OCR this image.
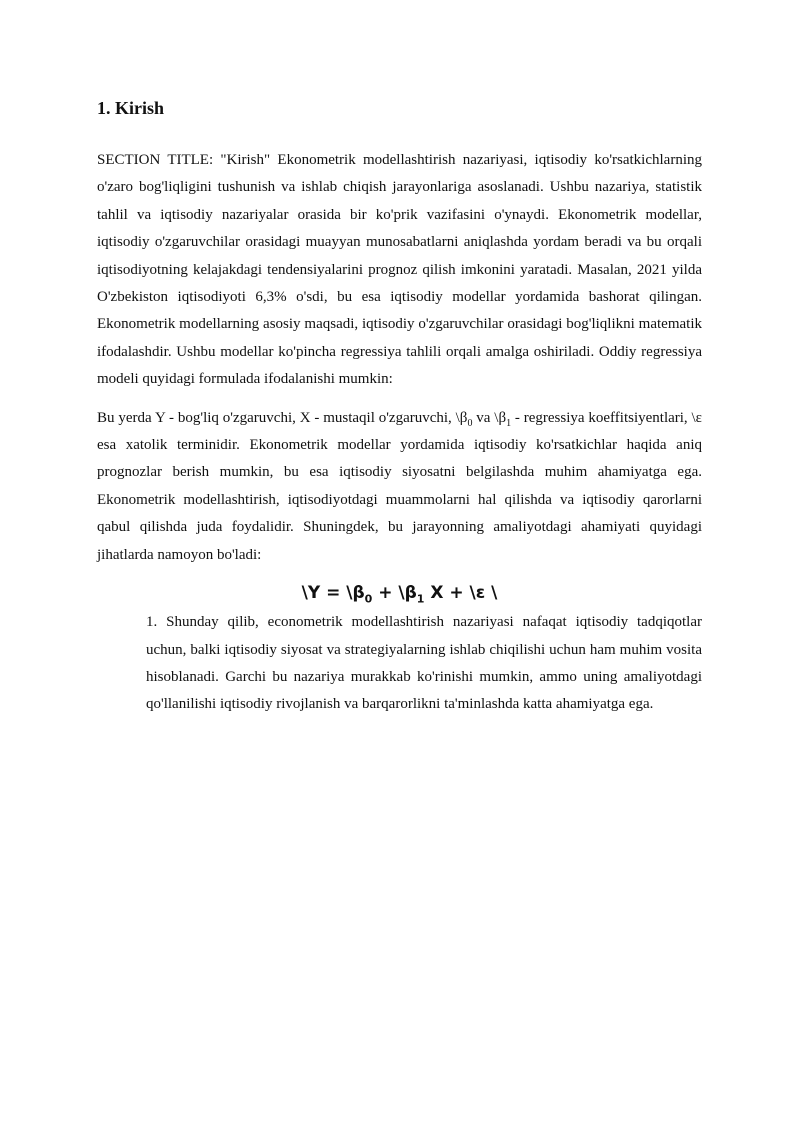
1. Kirish

SECTION TITLE: "Kirish" Ekonometrik modellashtirish nazariyasi, iqtisodiy ko'rsatkichlarning o'zaro bog'liqligini tushunish va ishlab chiqish jarayonlariga asoslanadi. Ushbu nazariya, statistik tahlil va iqtisodiy nazariyalar orasida bir ko'prik vazifasini o'ynaydi. Ekonometrik modellar, iqtisodiy o'zgaruvchilar orasidagi muayyan munosabatlarni aniqlashda yordam beradi va bu orqali iqtisodiyotning kelajakdagi tendensiyalarini prognoz qilish imkonini yaratadi. Masalan, 2021 yilda O'zbekiston iqtisodiyoti 6,3% o'sdi, bu esa iqtisodiy modellar yordamida bashorat qilingan. Ekonometrik modellarning asosiy maqsadi, iqtisodiy o'zgaruvchilar orasidagi bog'liqlikni matematik ifodalashdir. Ushbu modellar ko'pincha regressiya tahlili orqali amalga oshiriladi. Oddiy regressiya modeli quyidagi formulada ifodalanishi mumkin:

Bu yerda Y - bog'liq o'zgaruvchi, X - mustaqil o'zgaruvchi, $\backslash\beta_0$ va $\backslash\beta_1$ - regressiya koeffitsiyentlari, \ε esa xatolik terminidir. Ekonometrik modellar yordamida iqtisodiy ko'rsatkichlar haqida aniq prognozlar berish mumkin, bu esa iqtisodiy siyosatni belgilashda muhim ahamiyatga ega. Ekonometrik modellashtirish, iqtisodiyotdagi muammolarni hal qilishda va iqtisodiy qarorlarni qabul qilishda juda foydalidir. Shuningdek, bu jarayonning amaliyotdagi ahamiyati quyidagi jihatlarda namoyon bo'ladi:

\Y = $\backslash\beta_0$ + $\backslash\beta_1$ X + \ε \
1. Shunday qilib, econometrik modellashtirish nazariyasi nafaqat iqtisodiy tadqiqotlar uchun, balki iqtisodiy siyosat va strategiyalarning ishlab chiqilishi uchun ham muhim vosita hisoblanadi. Garchi bu nazariya murakkab ko'rinishi mumkin, ammo uning amaliyotdagi qo'llanilishi iqtisodiy rivojlanish va barqarorlikni ta'minlashda katta ahamiyatga ega.
